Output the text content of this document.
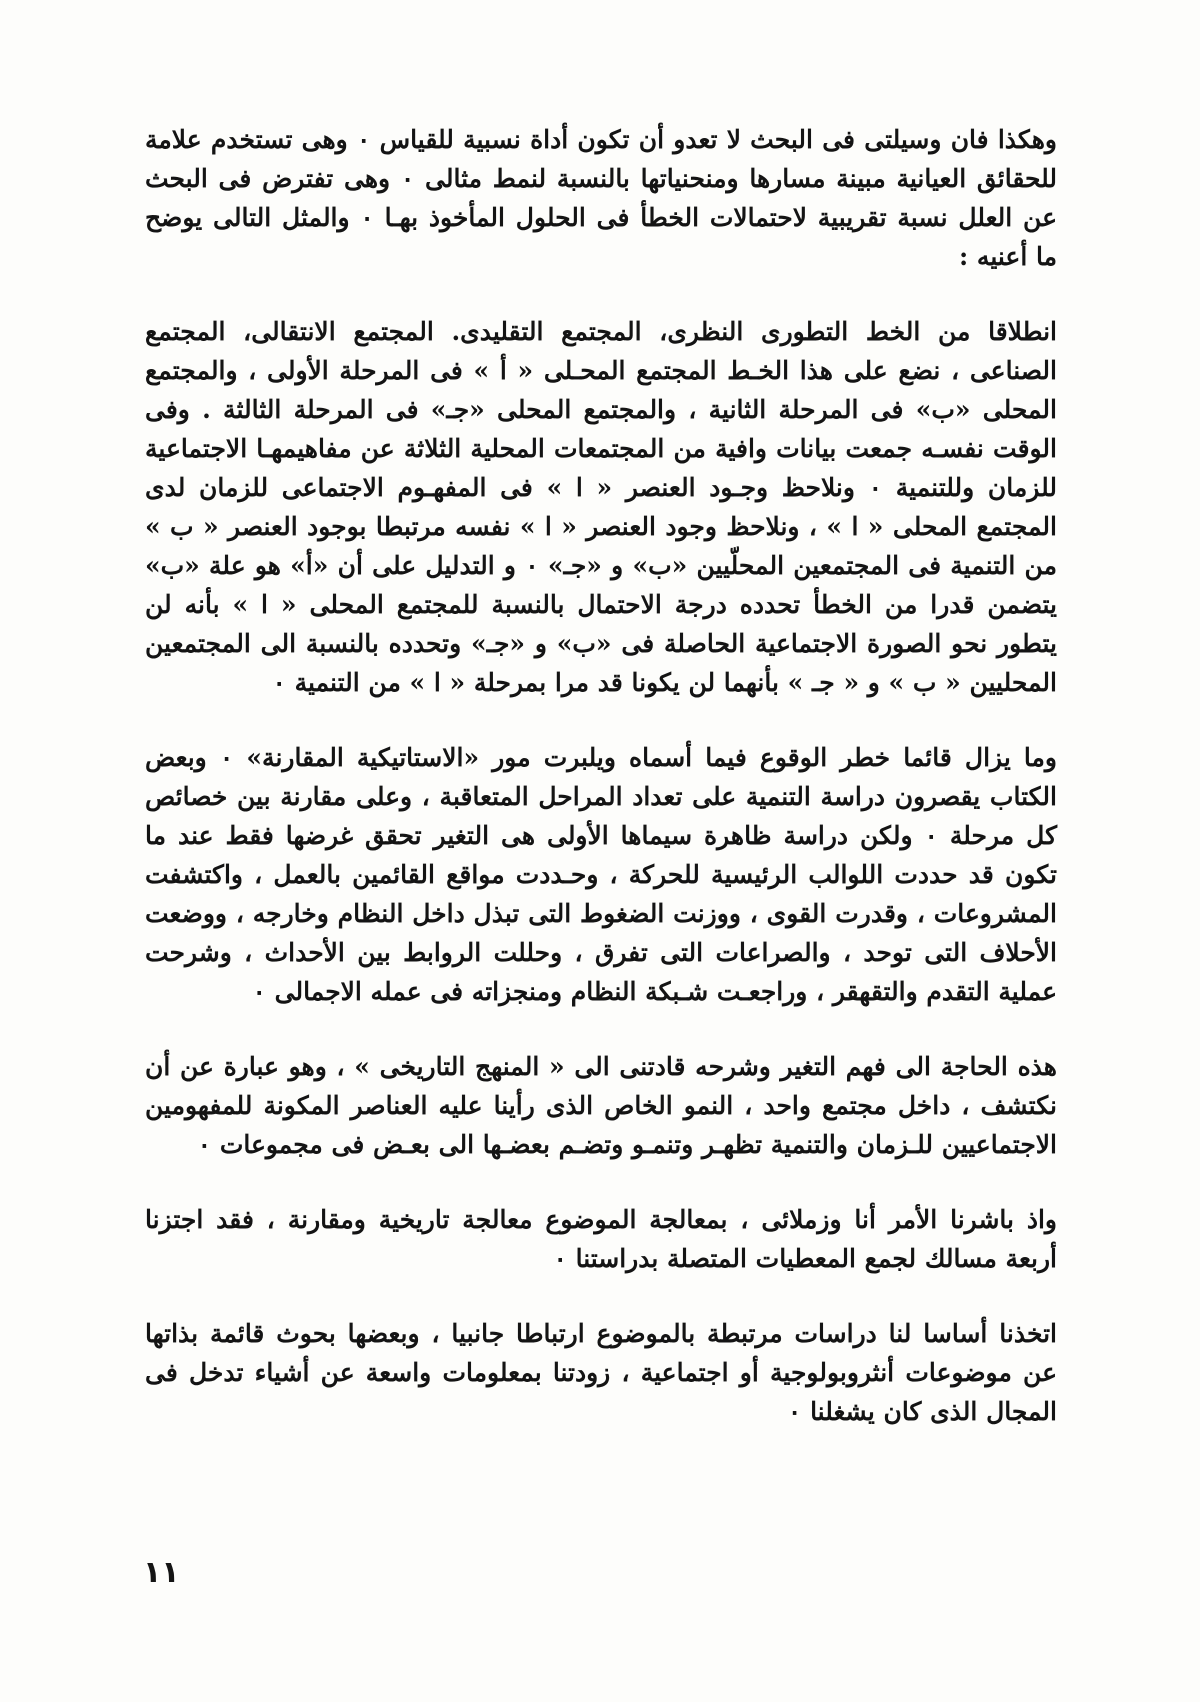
وهكذا فان وسيلتى فى البحث لا تعدو أن تكون أداة نسبية للقياس ٠ وهى تستخدم علامة للحقائق العيانية مبينة مسارها ومنحنياتها بالنسبة لنمط مثالى ٠ وهى تفترض فى البحث عن العلل نسبة تقريبية لاحتمالات الخطأ فى الحلول المأخوذ بهـا ٠ والمثل التالى يوضح ما أعنيه :

انطلاقا من الخط التطورى النظرى، المجتمع التقليدى. المجتمع الانتقالى، المجتمع الصناعى ، نضع على هذا الخـط المجتمع المحـلى « أ » فى المرحلة الأولى ، والمجتمع المحلى «ب» فى المرحلة الثانية ، والمجتمع المحلى «جـ» فى المرحلة الثالثة . وفى الوقت نفسـه جمعت بيانات وافية من المجتمعات المحلية الثلاثة عن مفاهيمهـا الاجتماعية للزمان وللتنمية ٠ ونلاحظ وجـود العنصر « ا » فى المفهـوم الاجتماعى للزمان لدى المجتمع المحلى « ا » ، ونلاحظ وجود العنصر « ا » نفسه مرتبطا بوجود العنصر « ب » من التنمية فى المجتمعين المحلّيين «ب» و «جـ» ٠ و التدليل على أن «أ» هو علة «ب» يتضمن قدرا من الخطأ تحدده درجة الاحتمال بالنسبة للمجتمع المحلى « ا » بأنه لن يتطور نحو الصورة الاجتماعية الحاصلة فى «ب» و «جـ» وتحدده بالنسبة الى المجتمعين المحليين « ب » و « جـ » بأنهما لن يكونا قد مرا بمرحلة « ا » من التنمية ٠

وما يزال قائما خطر الوقوع فيما أسماه ويلبرت مور «الاستاتيكية المقارنة» ٠ وبعض الكتاب يقصرون دراسة التنمية على تعداد المراحل المتعاقبة ، وعلى مقارنة بين خصائص كل مرحلة ٠ ولكن دراسة ظاهرة سيماها الأولى هى التغير تحقق غرضها فقط عند ما تكون قد حددت اللوالب الرئيسية للحركة ، وحـددت مواقع القائمين بالعمل ، واكتشفت المشروعات ، وقدرت القوى ، ووزنت الضغوط التى تبذل داخل النظام وخارجه ، ووضعت الأحلاف التى توحد ، والصراعات التى تفرق ، وحللت الروابط بين الأحداث ، وشرحت عملية التقدم والتقهقر ، وراجعـت شـبكة النظام ومنجزاته فى عمله الاجمالى ٠

هذه الحاجة الى فهم التغير وشرحه قادتنى الى « المنهج التاريخى » ، وهو عبارة عن أن نكتشف ، داخل مجتمع واحد ، النمو الخاص الذى رأينا عليه العناصر المكونة للمفهومين الاجتماعيين للـزمان والتنمية تظهـر وتنمـو وتضـم بعضـها الى بعـض فى مجموعات ٠

واذ باشرنا الأمر أنا وزملائى ، بمعالجة الموضوع معالجة تاريخية ومقارنة ، فقد اجتزنا أربعة مسالك لجمع المعطيات المتصلة بدراستنا ٠

اتخذنا أساسا لنا دراسات مرتبطة بالموضوع ارتباطا جانبيا ، وبعضها بحوث قائمة بذاتها عن موضوعات أنثروبولوجية أو اجتماعية ، زودتنا بمعلومات واسعة عن أشياء تدخل فى المجال الذى كان يشغلنا ٠

١١
